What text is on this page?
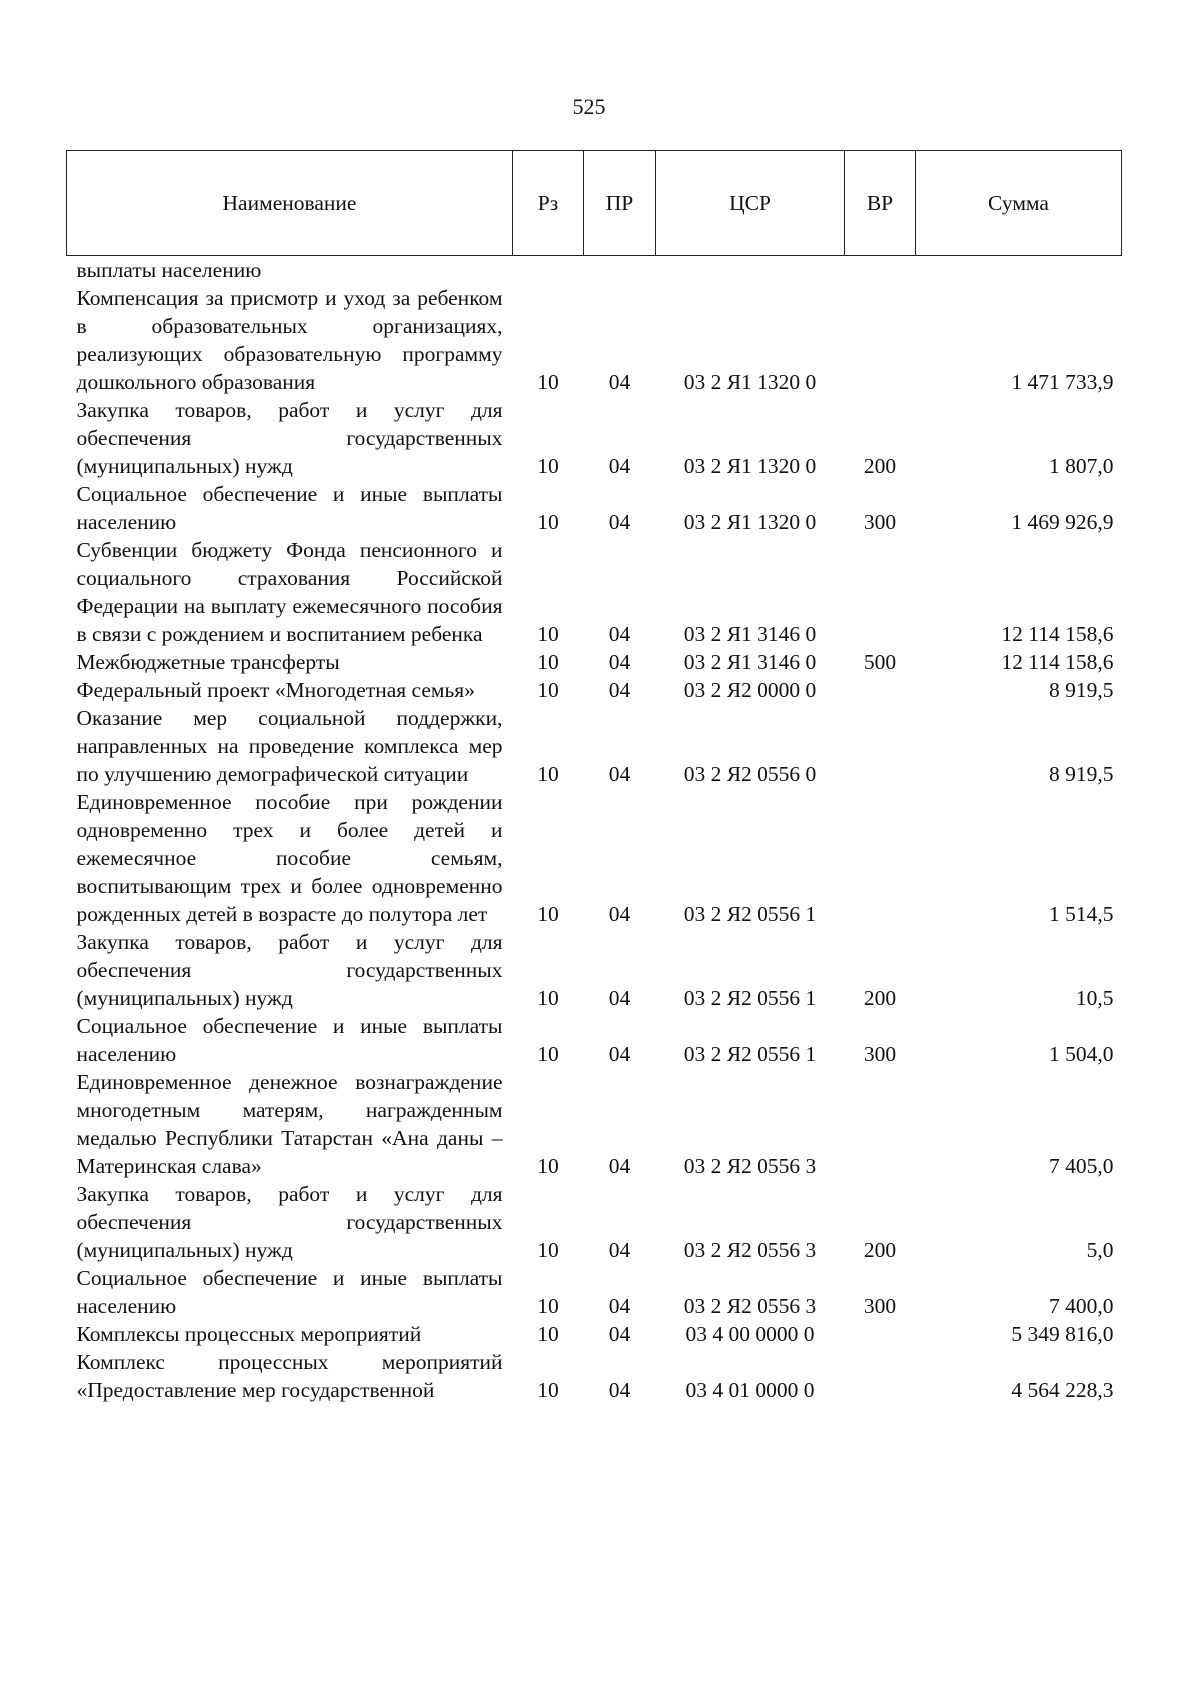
525
Наименование	Рз	ПР	ЦСР	ВР	Сумма
выплаты населению					
Компенсация за присмотр и уход за ребенком в образовательных организациях, реализующих образовательную программу дошкольного образования	10	04	03 2 Я1 1320 0		1 471 733,9
Закупка товаров, работ и услуг для обеспечения государственных (муниципальных) нужд	10	04	03 2 Я1 1320 0	200	1 807,0
Социальное обеспечение и иные выплаты населению	10	04	03 2 Я1 1320 0	300	1 469 926,9
Субвенции бюджету Фонда пенсионного и социального страхования Российской Федерации на выплату ежемесячного пособия в связи с рождением и воспитанием ребенка	10	04	03 2 Я1 3146 0		12 114 158,6
Межбюджетные трансферты	10	04	03 2 Я1 3146 0	500	12 114 158,6
Федеральный проект «Многодетная семья»	10	04	03 2 Я2 0000 0		8 919,5
Оказание мер социальной поддержки, направленных на проведение комплекса мер по улучшению демографической ситуации	10	04	03 2 Я2 0556 0		8 919,5
Единовременное пособие при рождении одновременно трех и более детей и ежемесячное пособие семьям, воспитывающим трех и более одновременно рожденных детей в возрасте до полутора лет	10	04	03 2 Я2 0556 1		1 514,5
Закупка товаров, работ и услуг для обеспечения государственных (муниципальных) нужд	10	04	03 2 Я2 0556 1	200	10,5
Социальное обеспечение и иные выплаты населению	10	04	03 2 Я2 0556 1	300	1 504,0
Единовременное денежное вознаграждение многодетным матерям, награжденным медалью Республики Татарстан «Ана даны – Материнская слава»	10	04	03 2 Я2 0556 3		7 405,0
Закупка товаров, работ и услуг для обеспечения государственных (муниципальных) нужд	10	04	03 2 Я2 0556 3	200	5,0
Социальное обеспечение и иные выплаты населению	10	04	03 2 Я2 0556 3	300	7 400,0
Комплексы процессных мероприятий	10	04	03 4 00 0000 0		5 349 816,0
Комплекс процессных мероприятий «Предоставление мер государственной	10	04	03 4 01 0000 0		4 564 228,3
